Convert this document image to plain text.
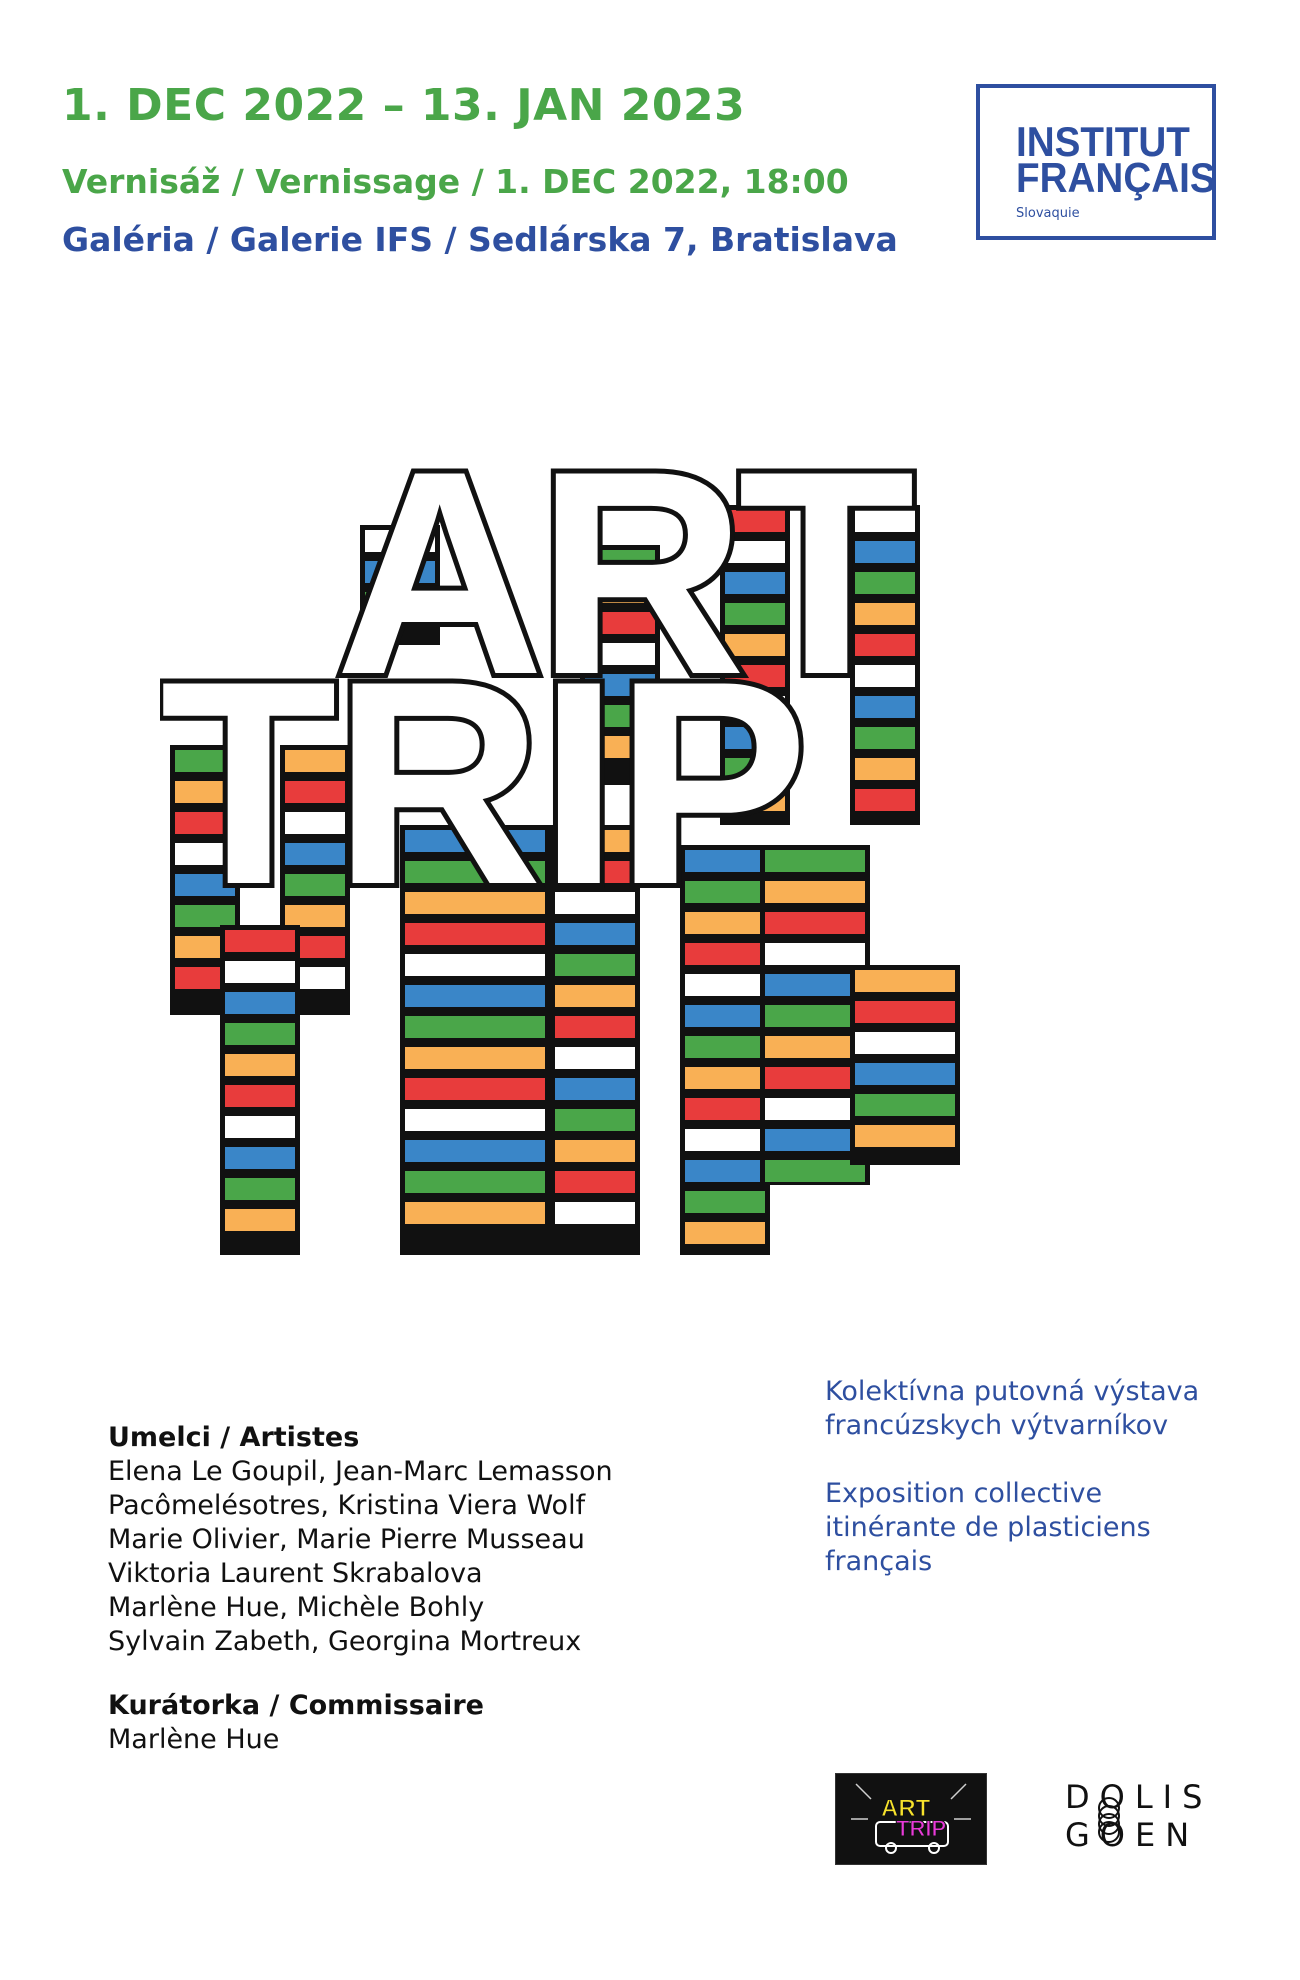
1. DEC 2022 – 13. JAN 2023
Vernisáž / Vernissage / 1. DEC 2022, 18:00
Galéria / Galerie IFS / Sedlárska 7, Bratislava
INSTITUT
FRANÇAIS
Slovaquie
ART
TRIP
Umelci / Artistes
Elena Le Goupil, Jean-Marc Lemasson
Pacômelésotres, Kristina Viera Wolf
Marie Olivier, Marie Pierre Musseau
Viktoria Laurent Skrabalova
Marlène Hue, Michèle Bohly
Sylvain Zabeth, Georgina Mortreux
Kurátorka / Commissaire
Marlène Hue
Kolektívna putovná výstava
francúzskych výtvarníkov
Exposition collective
itinérante de plasticiens
français
ART
TRIP
DOLIS
GOEN
